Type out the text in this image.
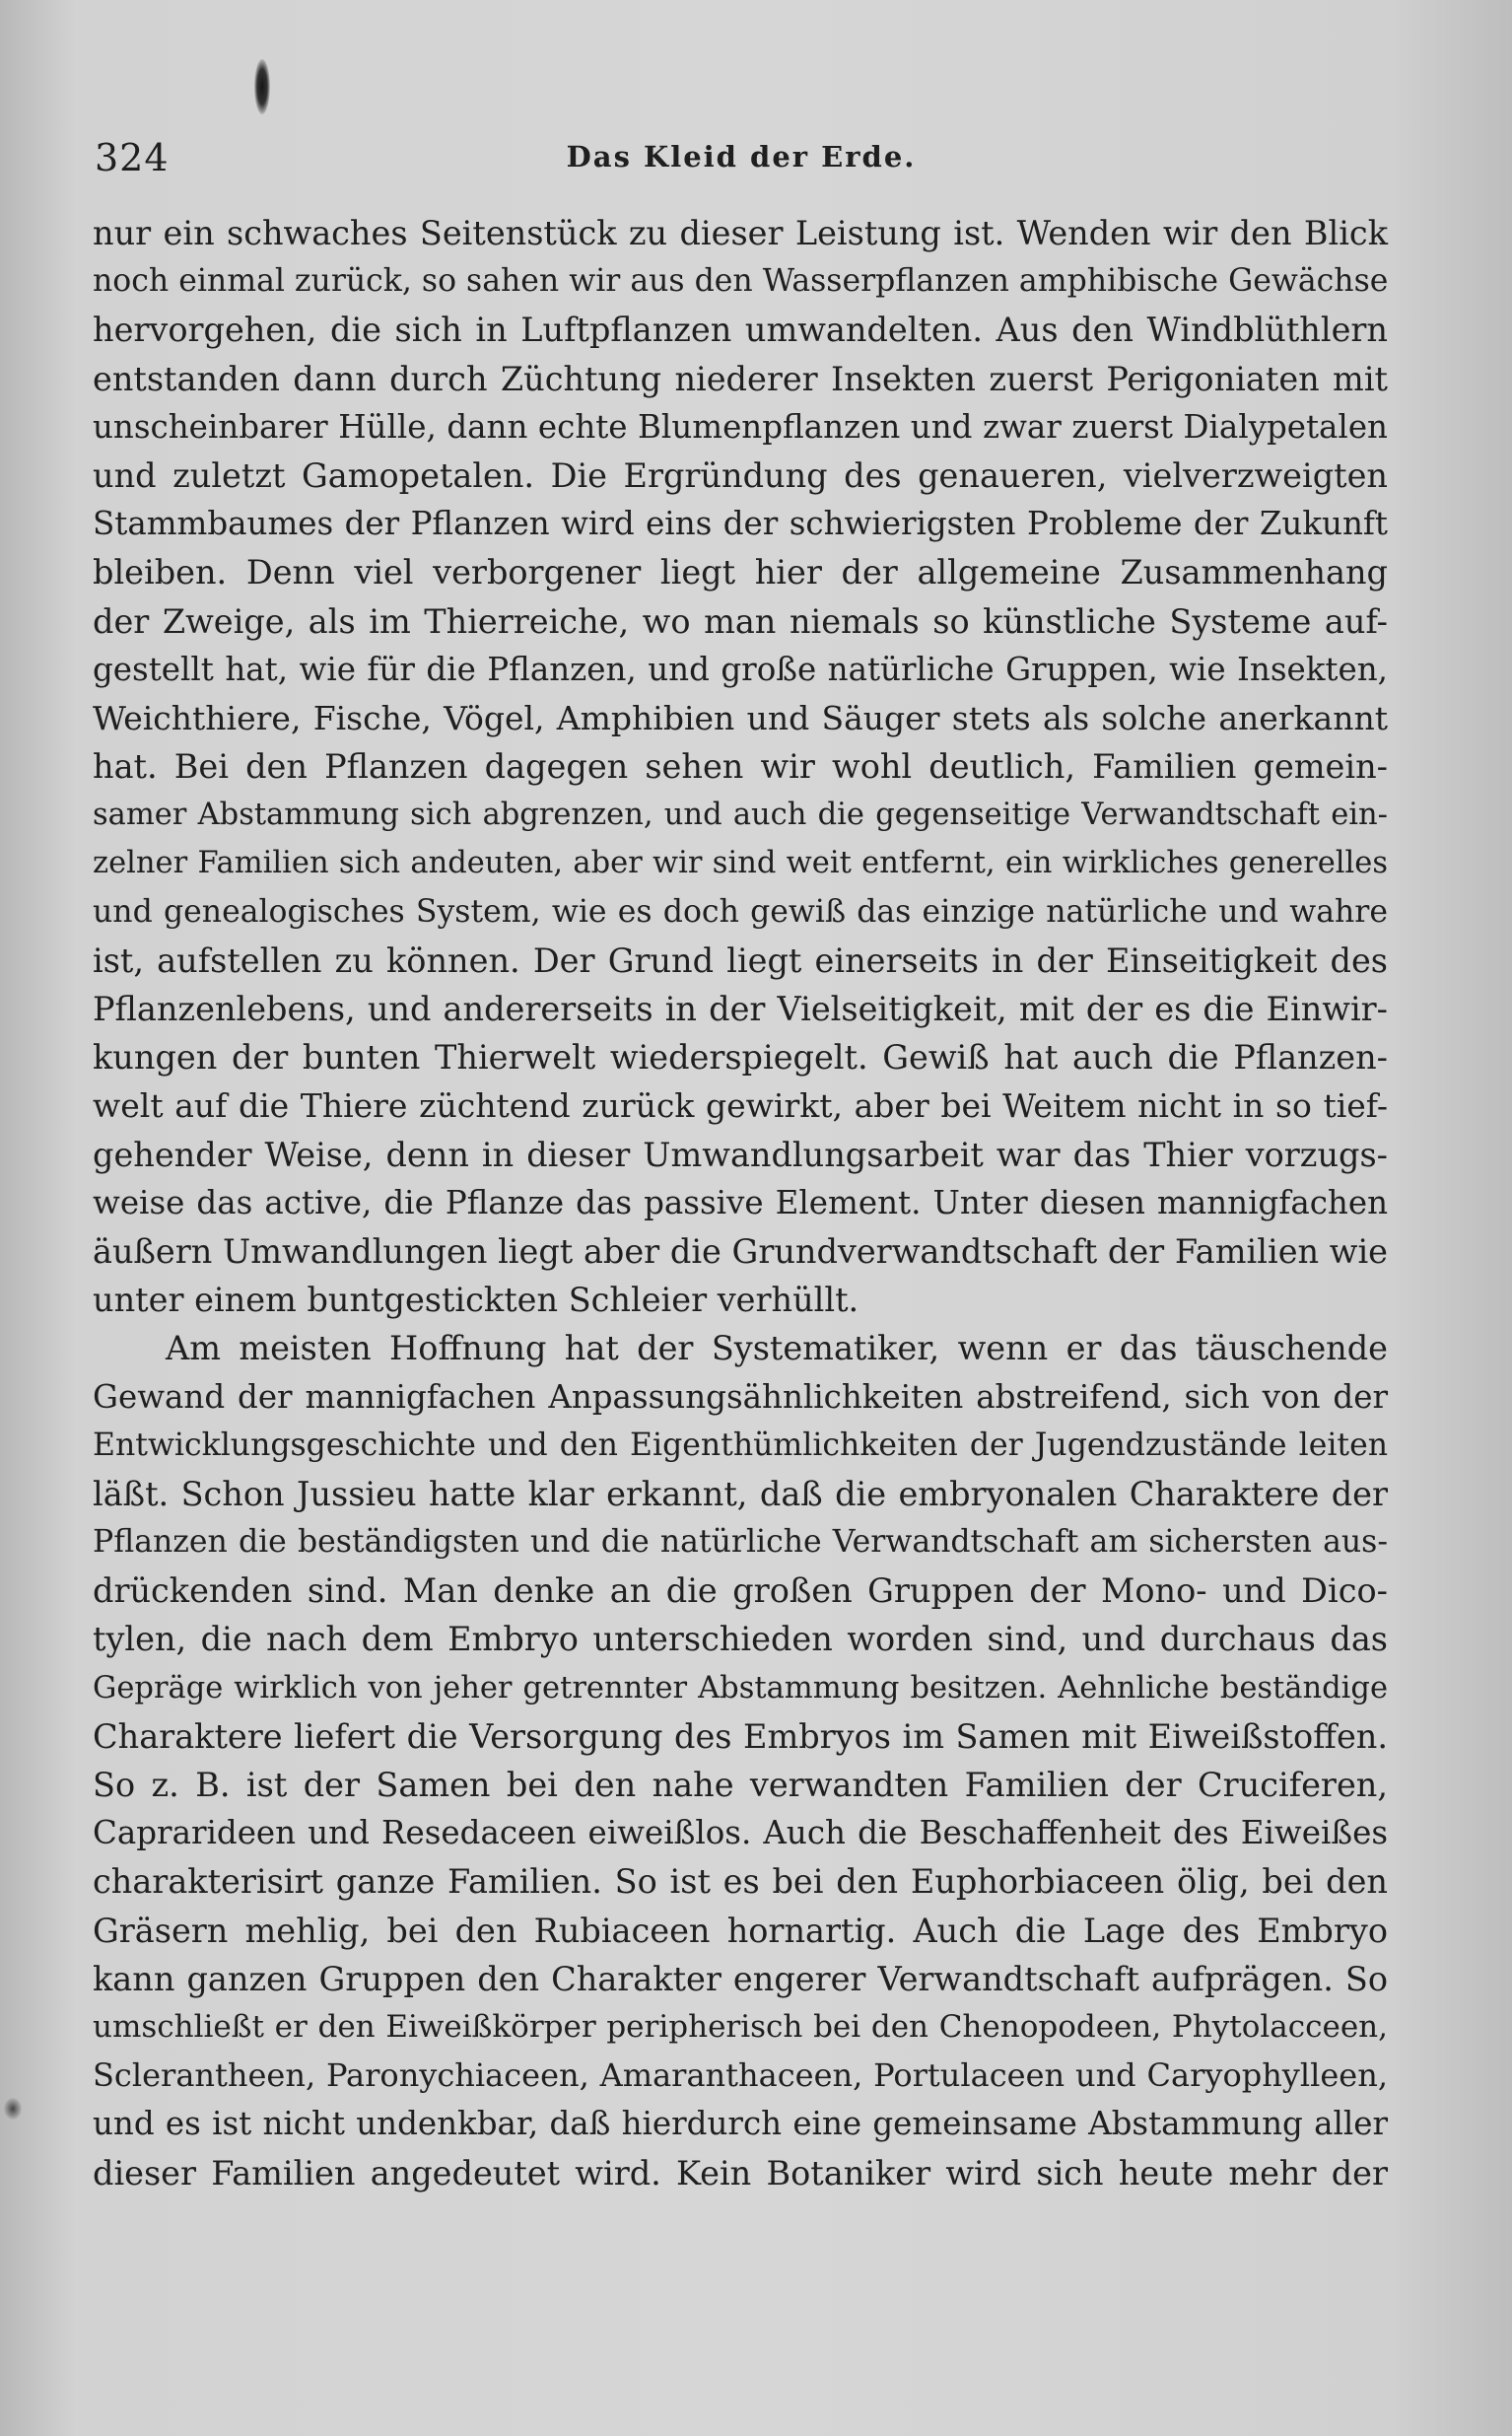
324	Das Kleid der Erde.
nur ein schwaches Seitenstück zu dieser Leistung ist. Wenden wir den Blick
noch einmal zurück, so sahen wir aus den Wasserpflanzen amphibische Gewächse
hervorgehen, die sich in Luftpflanzen umwandelten. Aus den Windblüthlern
entstanden dann durch Züchtung niederer Insekten zuerst Perigoniaten mit
unscheinbarer Hülle, dann echte Blumenpflanzen und zwar zuerst Dialypetalen
und zuletzt Gamopetalen. Die Ergründung des genaueren, vielverzweigten
Stammbaumes der Pflanzen wird eins der schwierigsten Probleme der Zukunft
bleiben. Denn viel verborgener liegt hier der allgemeine Zusammenhang
der Zweige, als im Thierreiche, wo man niemals so künstliche Systeme auf-
gestellt hat, wie für die Pflanzen, und große natürliche Gruppen, wie Insekten,
Weichthiere, Fische, Vögel, Amphibien und Säuger stets als solche anerkannt
hat. Bei den Pflanzen dagegen sehen wir wohl deutlich, Familien gemein-
samer Abstammung sich abgrenzen, und auch die gegenseitige Verwandtschaft ein-
zelner Familien sich andeuten, aber wir sind weit entfernt, ein wirkliches generelles
und genealogisches System, wie es doch gewiß das einzige natürliche und wahre
ist, aufstellen zu können. Der Grund liegt einerseits in der Einseitigkeit des
Pflanzenlebens, und andererseits in der Vielseitigkeit, mit der es die Einwir-
kungen der bunten Thierwelt wiederspiegelt. Gewiß hat auch die Pflanzen-
welt auf die Thiere züchtend zurück gewirkt, aber bei Weitem nicht in so tief-
gehender Weise, denn in dieser Umwandlungsarbeit war das Thier vorzugs-
weise das active, die Pflanze das passive Element. Unter diesen mannigfachen
äußern Umwandlungen liegt aber die Grundverwandtschaft der Familien wie
unter einem buntgestickten Schleier verhüllt.
Am meisten Hoffnung hat der Systematiker, wenn er das täuschende
Gewand der mannigfachen Anpassungsähnlichkeiten abstreifend, sich von der
Entwicklungsgeschichte und den Eigenthümlichkeiten der Jugendzustände leiten
läßt. Schon Jussieu hatte klar erkannt, daß die embryonalen Charaktere der
Pflanzen die beständigsten und die natürliche Verwandtschaft am sichersten aus-
drückenden sind. Man denke an die großen Gruppen der Mono- und Dico-
tylen, die nach dem Embryo unterschieden worden sind, und durchaus das
Gepräge wirklich von jeher getrennter Abstammung besitzen. Aehnliche beständige
Charaktere liefert die Versorgung des Embryos im Samen mit Eiweißstoffen.
So z. B. ist der Samen bei den nahe verwandten Familien der Cruciferen,
Caprarideen und Resedaceen eiweißlos. Auch die Beschaffenheit des Eiweißes
charakterisirt ganze Familien. So ist es bei den Euphorbiaceen ölig, bei den
Gräsern mehlig, bei den Rubiaceen hornartig. Auch die Lage des Embryo
kann ganzen Gruppen den Charakter engerer Verwandtschaft aufprägen. So
umschließt er den Eiweißkörper peripherisch bei den Chenopodeen, Phytolacceen,
Sclerantheen, Paronychiaceen, Amaranthaceen, Portulaceen und Caryophylleen,
und es ist nicht undenkbar, daß hierdurch eine gemeinsame Abstammung aller
dieser Familien angedeutet wird. Kein Botaniker wird sich heute mehr der
